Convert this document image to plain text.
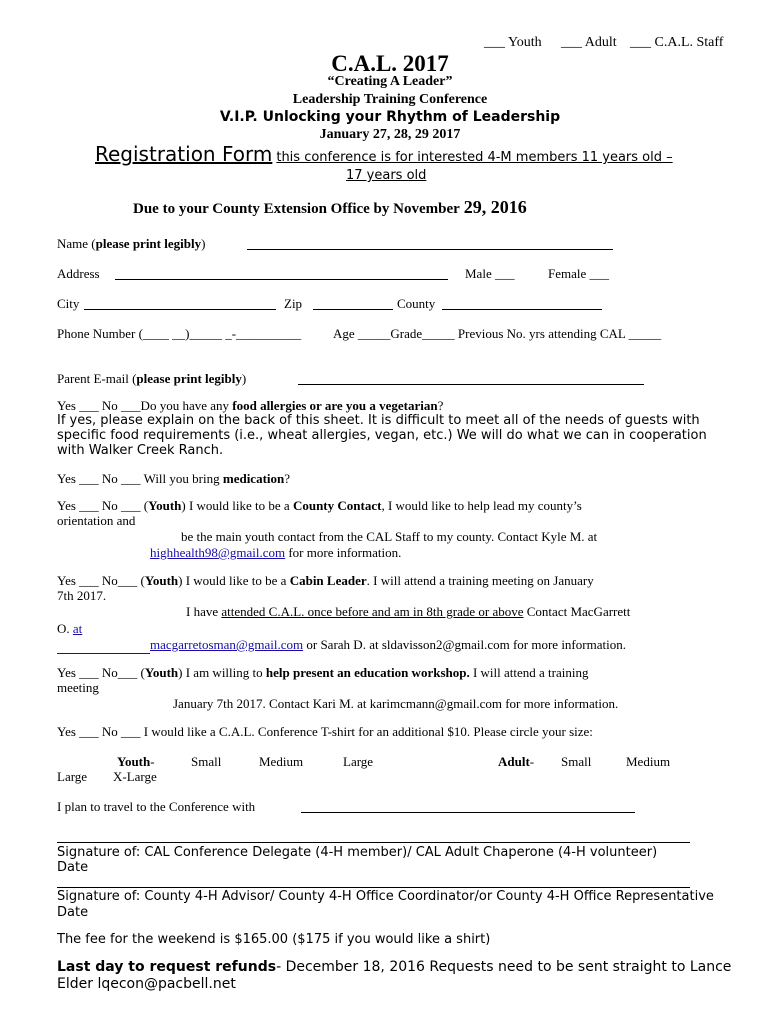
___ Youth ___ Adult ___ C.A.L. Staff
C.A.L. 2017
“Creating A Leader”
Leadership Training Conference
V.I.P. Unlocking your Rhythm of Leadership
January 27, 28, 29 2017
Registration Form this conference is for interested 4-M members 11 years old –
17 years old
Due to your County Extension Office by November 29, 2016
Name (please print legibly)
Address	Male ___	Female ___
City	Zip	County
Phone Number (____ __)_____ _-__________ Age _____Grade_____ Previous No. yrs attending CAL _____
Parent E-mail (please print legibly)
Yes ___ No ___Do you have any food allergies or are you a vegetarian?
If yes, please explain on the back of this sheet. It is difficult to meet all of the needs of guests with
specific food requirements (i.e., wheat allergies, vegan, etc.) We will do what we can in cooperation
with Walker Creek Ranch.
Yes ___ No ___ Will you bring medication?
Yes ___ No ___ (Youth) I would like to be a County Contact, I would like to help lead my county’s
orientation and
be the main youth contact from the CAL Staff to my county. Contact Kyle M. at
highhealth98@gmail.com for more information.
Yes ___ No___ (Youth) I would like to be a Cabin Leader. I will attend a training meeting on January
7th 2017.
I have attended C.A.L. once before and am in 8th grade or above Contact MacGarrett
O. at
macgarretosman@gmail.com or Sarah D. at sldavisson2@gmail.com for more information.
Yes ___ No___ (Youth) I am willing to help present an education workshop. I will attend a training
meeting
January 7th 2017. Contact Kari M. at karimcmann@gmail.com for more information.
Yes ___ No ___ I would like a C.A.L. Conference T-shirt for an additional $10. Please circle your size:
Youth-	Small	Medium	Large	Adult- Small	Medium
Large X-Large
I plan to travel to the Conference with
Signature of: CAL Conference Delegate (4-H member)/ CAL Adult Chaperone (4-H volunteer)
Date
Signature of: County 4-H Advisor/ County 4-H Office Coordinator/or County 4-H Office Representative
Date
The fee for the weekend is $165.00 ($175 if you would like a shirt)
Last day to request refunds- December 18, 2016 Requests need to be sent straight to Lance
Elder lqecon@pacbell.net
